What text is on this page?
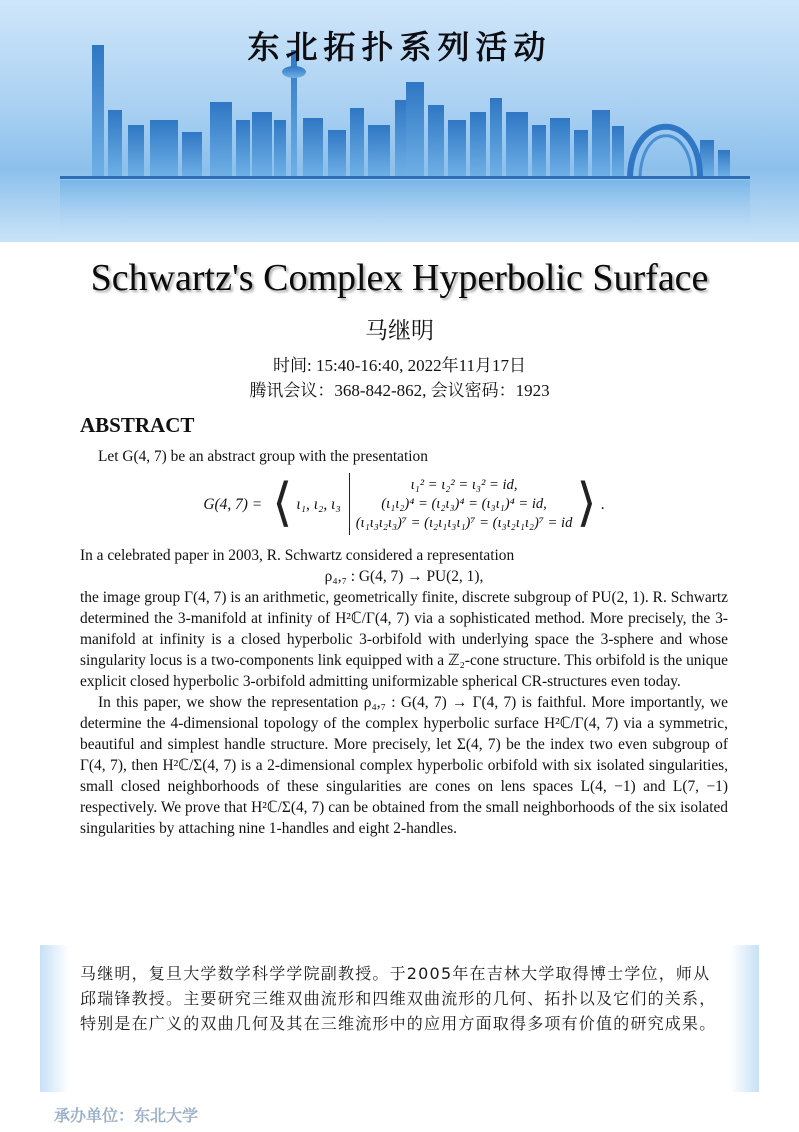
东北拓扑系列活动
Schwartz's Complex Hyperbolic Surface
马继明
时间: 15:40-16:40, 2022年11月17日
腾讯会议：368-842-862, 会议密码：1923
ABSTRACT

Let G(4, 7) be an abstract group with the presentation

G(4, 7) = ⟨ ι₁, ι₂, ι₃
ι₁² = ι₂² = ι₃² = id,
(ι₁ι₂)⁴ = (ι₂ι₃)⁴ = (ι₃ι₁)⁴ = id,
(ι₁ι₃ι₂ι₃)⁷ = (ι₂ι₁ι₃ι₁)⁷ = (ι₃ι₂ι₁ι₂)⁷ = id ⟩ .

In a celebrated paper in 2003, R. Schwartz considered a representation

ρ₄,₇ : G(4, 7) → PU(2, 1),

the image group Γ(4, 7) is an arithmetic, geometrically finite, discrete subgroup of PU(2, 1). R. Schwartz determined the 3-manifold at infinity of H²ℂ/Γ(4, 7) via a sophisticated method. More precisely, the 3-manifold at infinity is a closed hyperbolic 3-orbifold with underlying space the 3-sphere and whose singularity locus is a two-components link equipped with a ℤ₂-cone structure. This orbifold is the unique explicit closed hyperbolic 3-orbifold admitting uniformizable spherical CR-structures even today.

In this paper, we show the representation ρ₄,₇ : G(4, 7) → Γ(4, 7) is faithful. More importantly, we determine the 4-dimensional topology of the complex hyperbolic surface H²ℂ/Γ(4, 7) via a symmetric, beautiful and simplest handle structure. More precisely, let Σ(4, 7) be the index two even subgroup of Γ(4, 7), then H²ℂ/Σ(4, 7) is a 2-dimensional complex hyperbolic orbifold with six isolated singularities, small closed neighborhoods of these singularities are cones on lens spaces L(4, −1) and L(7, −1) respectively. We prove that H²ℂ/Σ(4, 7) can be obtained from the small neighborhoods of the six isolated singularities by attaching nine 1-handles and eight 2-handles.

马继明，复旦大学数学科学学院副教授。于2005年在吉林大学取得博士学位，师从邱瑞锋教授。主要研究三维双曲流形和四维双曲流形的几何、拓扑以及它们的关系， 特别是在广义的双曲几何及其在三维流形中的应用方面取得多项有价值的研究成果。
承办单位：东北大学
